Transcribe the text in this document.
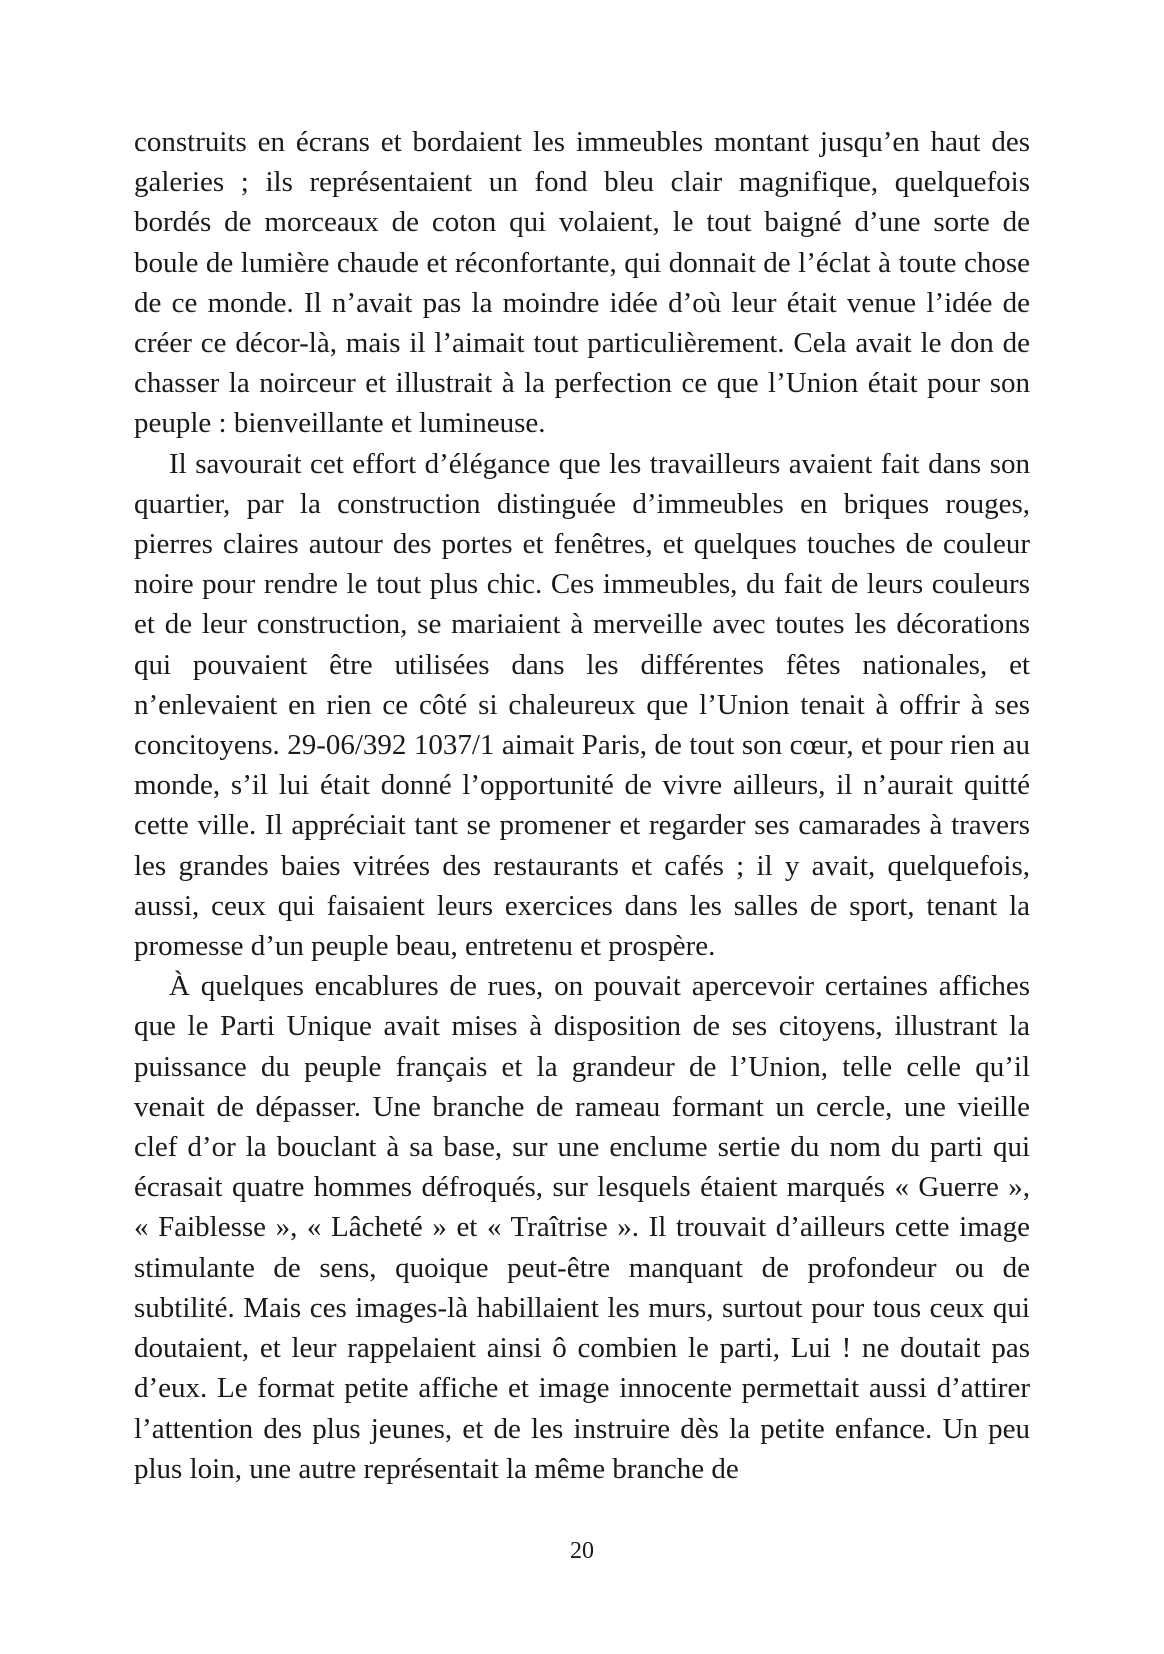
construits en écrans et bordaient les immeubles montant jusqu’en haut des galeries ; ils représentaient un fond bleu clair magnifique, quelquefois bordés de morceaux de coton qui volaient, le tout baigné d’une sorte de boule de lumière chaude et réconfortante, qui donnait de l’éclat à toute chose de ce monde. Il n’avait pas la moindre idée d’où leur était venue l’idée de créer ce décor-là, mais il l’aimait tout particulièrement. Cela avait le don de chasser la noirceur et illustrait à la perfection ce que l’Union était pour son peuple : bienveillante et lumineuse.

Il savourait cet effort d’élégance que les travailleurs avaient fait dans son quartier, par la construction distinguée d’immeubles en briques rouges, pierres claires autour des portes et fenêtres, et quelques touches de couleur noire pour rendre le tout plus chic. Ces immeubles, du fait de leurs couleurs et de leur construction, se mariaient à merveille avec toutes les décorations qui pouvaient être utilisées dans les différentes fêtes nationales, et n’enlevaient en rien ce côté si chaleureux que l’Union tenait à offrir à ses concitoyens. 29-06/392 1037/1 aimait Paris, de tout son cœur, et pour rien au monde, s’il lui était donné l’opportunité de vivre ailleurs, il n’aurait quitté cette ville. Il appréciait tant se promener et regarder ses camarades à travers les grandes baies vitrées des restaurants et cafés ; il y avait, quelquefois, aussi, ceux qui faisaient leurs exercices dans les salles de sport, tenant la promesse d’un peuple beau, entretenu et prospère.

À quelques encablures de rues, on pouvait apercevoir certaines affiches que le Parti Unique avait mises à disposition de ses citoyens, illustrant la puissance du peuple français et la grandeur de l’Union, telle celle qu’il venait de dépasser. Une branche de rameau formant un cercle, une vieille clef d’or la bouclant à sa base, sur une enclume sertie du nom du parti qui écrasait quatre hommes défroqués, sur lesquels étaient marqués « Guerre », « Faiblesse », « Lâcheté » et « Traîtrise ». Il trouvait d’ailleurs cette image stimulante de sens, quoique peut-être manquant de profondeur ou de subtilité. Mais ces images-là habillaient les murs, surtout pour tous ceux qui doutaient, et leur rappelaient ainsi ô combien le parti, Lui ! ne doutait pas d’eux. Le format petite affiche et image innocente permettait aussi d’attirer l’attention des plus jeunes, et de les instruire dès la petite enfance. Un peu plus loin, une autre représentait la même branche de

20
